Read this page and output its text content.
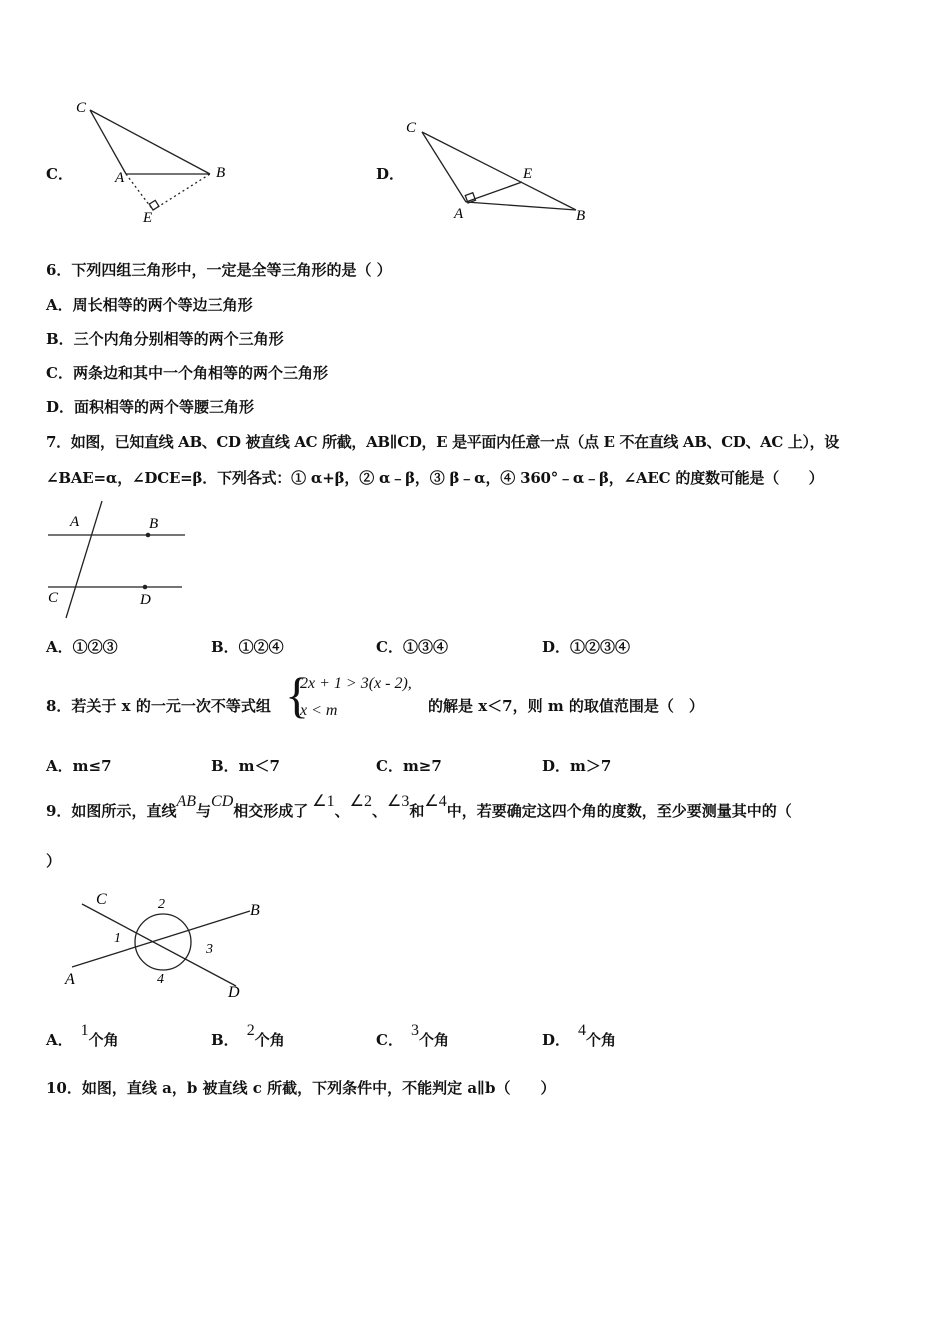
C．
C
A	B
E
D．
C
E
A	B
6．下列四组三角形中，一定是全等三角形的是（ ）
A．周长相等的两个等边三角形
B．三个内角分别相等的两个三角形
C．两条边和其中一个角相等的两个三角形
D．面积相等的两个等腰三角形
7．如图，已知直线 AB、CD 被直线 AC 所截，AB∥CD，E 是平面内任意一点（点 E 不在直线 AB、CD、AC 上），设
∠BAE=α，∠DCE=β．下列各式：① α+β，② α﹣β，③ β﹣α，④ 360°﹣α﹣β，∠AEC 的度数可能是（　　）
A	B
C	D
A．①②③	B．①②④	C．①③④	D．①②③④
8．若关于 x 的一元一次不等式组 {
2x + 1 > 3(x - 2),
x < m	的解是 x＜7，则 m 的取值范围是（　）
A．m≤7	B．m＜7	C．m≥7	D．m＞7
9．如图所示，直线AB与CD相交形成了∠1、∠2、∠3和∠4中，若要确定这四个角的度数，至少要测量其中的（
）
C
B
A
D
1
2
3
4
A．1个角	B．2个角	C．3个角	D．4个角
10．如图，直线 a，b 被直线 c 所截，下列条件中，不能判定 a∥b（　　）
